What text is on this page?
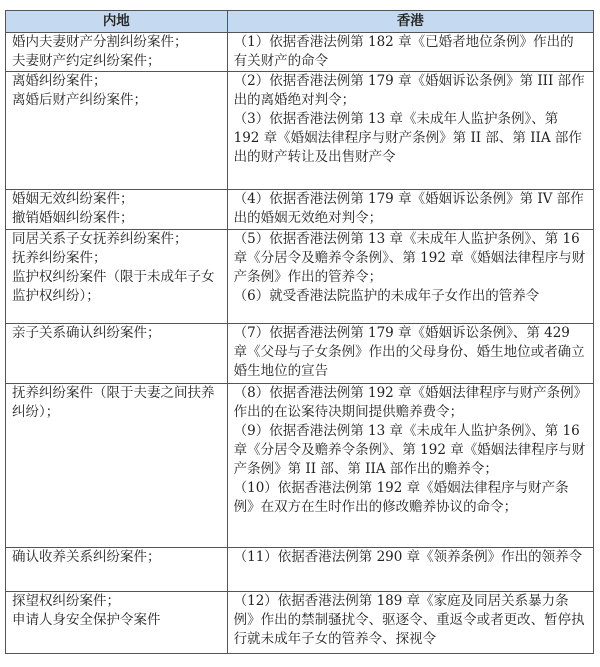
内地	香港

婚内夫妻财产分割纠纷案件；
夫妻财产约定纠纷案件；	（1）依据香港法例第 182 章《已婚者地位条例》作出的有关财产的命令

离婚纠纷案件；
离婚后财产纠纷案件；	（2）依据香港法例第 179 章《婚姻诉讼条例》第 III 部作出的离婚绝对判令；
（3）依据香港法例第 13 章《未成年人监护条例》、第 192 章《婚姻法律程序与财产条例》第 II 部、第 IIA 部作出的财产转让及出售财产令

婚姻无效纠纷案件；
撤销婚姻纠纷案件；	（4）依据香港法例第 179 章《婚姻诉讼条例》第 IV 部作出的婚姻无效绝对判令；

同居关系子女抚养纠纷案件；
抚养纠纷案件；
监护权纠纷案件（限于未成年子女监护权纠纷）；	（5）依据香港法例第 13 章《未成年人监护条例》、第 16 章《分居令及赡养令条例》、第 192 章《婚姻法律程序与财产条例》作出的管养令；
（6）就受香港法院监护的未成年子女作出的管养令

亲子关系确认纠纷案件；	（7）依据香港法例第 179 章《婚姻诉讼条例》、第 429 章《父母与子女条例》作出的父母身份、婚生地位或者确立婚生地位的宣告

抚养纠纷案件（限于夫妻之间扶养纠纷）；	（8）依据香港法例第 192 章《婚姻法律程序与财产条例》作出的在讼案待决期间提供赡养费令；
（9）依据香港法例第 13 章《未成年人监护条例》、第 16 章《分居令及赡养令条例》、第 192 章《婚姻法律程序与财产条例》第 II 部、第 IIA 部作出的赡养令；
（10）依据香港法例第 192 章《婚姻法律程序与财产条例》在双方在生时作出的修改赡养协议的命令；

确认收养关系纠纷案件；	（11）依据香港法例第 290 章《领养条例》作出的领养令

探望权纠纷案件；
申请人身安全保护令案件	（12）依据香港法例第 189 章《家庭及同居关系暴力条例》作出的禁制骚扰令、驱逐令、重返令或者更改、暂停执行就未成年子女的管养令、探视令
